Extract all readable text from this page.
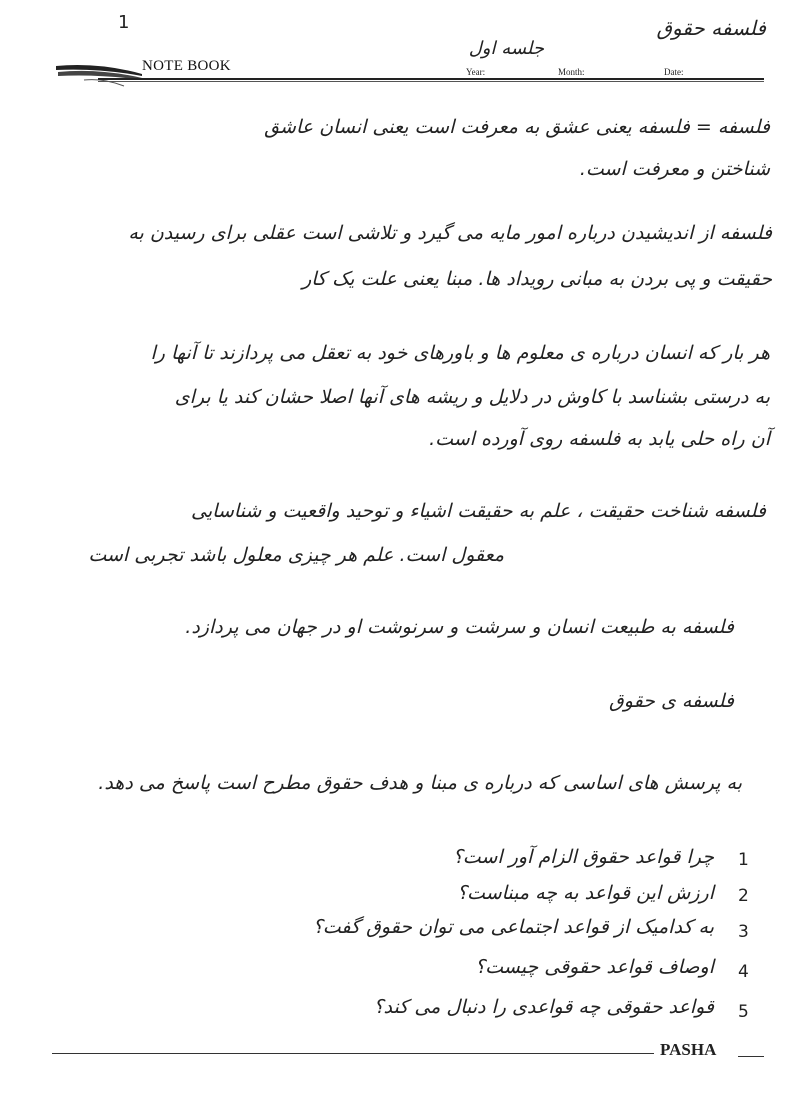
1	فلسفه حقوق
جلسه اول
NOTE BOOK	Year:	Month:	Date:
فلسفه = فلسفه یعنی عشق به معرفت است یعنی انسان عاشق
شناختن و معرفت است.
فلسفه از اندیشیدن درباره امور مایه می گیرد و تلاشی است عقلی برای رسیدن به
حقیقت و پی بردن به مبانی رویداد ها. مبنا یعنی علت یک کار
هر بار که انسان درباره ی معلوم ها و باورهای خود به تعقل می پردازند تا آنها را
به درستی بشناسد با کاوش در دلایل و ریشه های آنها اصلا حشان کند یا برای
آن راه حلی یابد به فلسفه روی آورده است.
فلسفه شناخت حقیقت ، علم به حقیقت اشیاء و توحید واقعیت و شناسایی
معقول است. علم هر چیزی معلول باشد تجربی است
فلسفه به طبیعت انسان و سرشت و سرنوشت او در جهان می پردازد.
فلسفه ی حقوق
به پرسش های اساسی که درباره ی مبنا و هدف حقوق مطرح است پاسخ می دهد.
چرا قواعد حقوق الزام آور است؟ 1
ارزش این قواعد به چه مبناست؟ 2
به کدامیک از قواعد اجتماعی می توان حقوق گفت؟ 3
اوصاف قواعد حقوقی چیست؟ 4
قواعد حقوقی چه قواعدی را دنبال می کند؟ 5
PASHA
